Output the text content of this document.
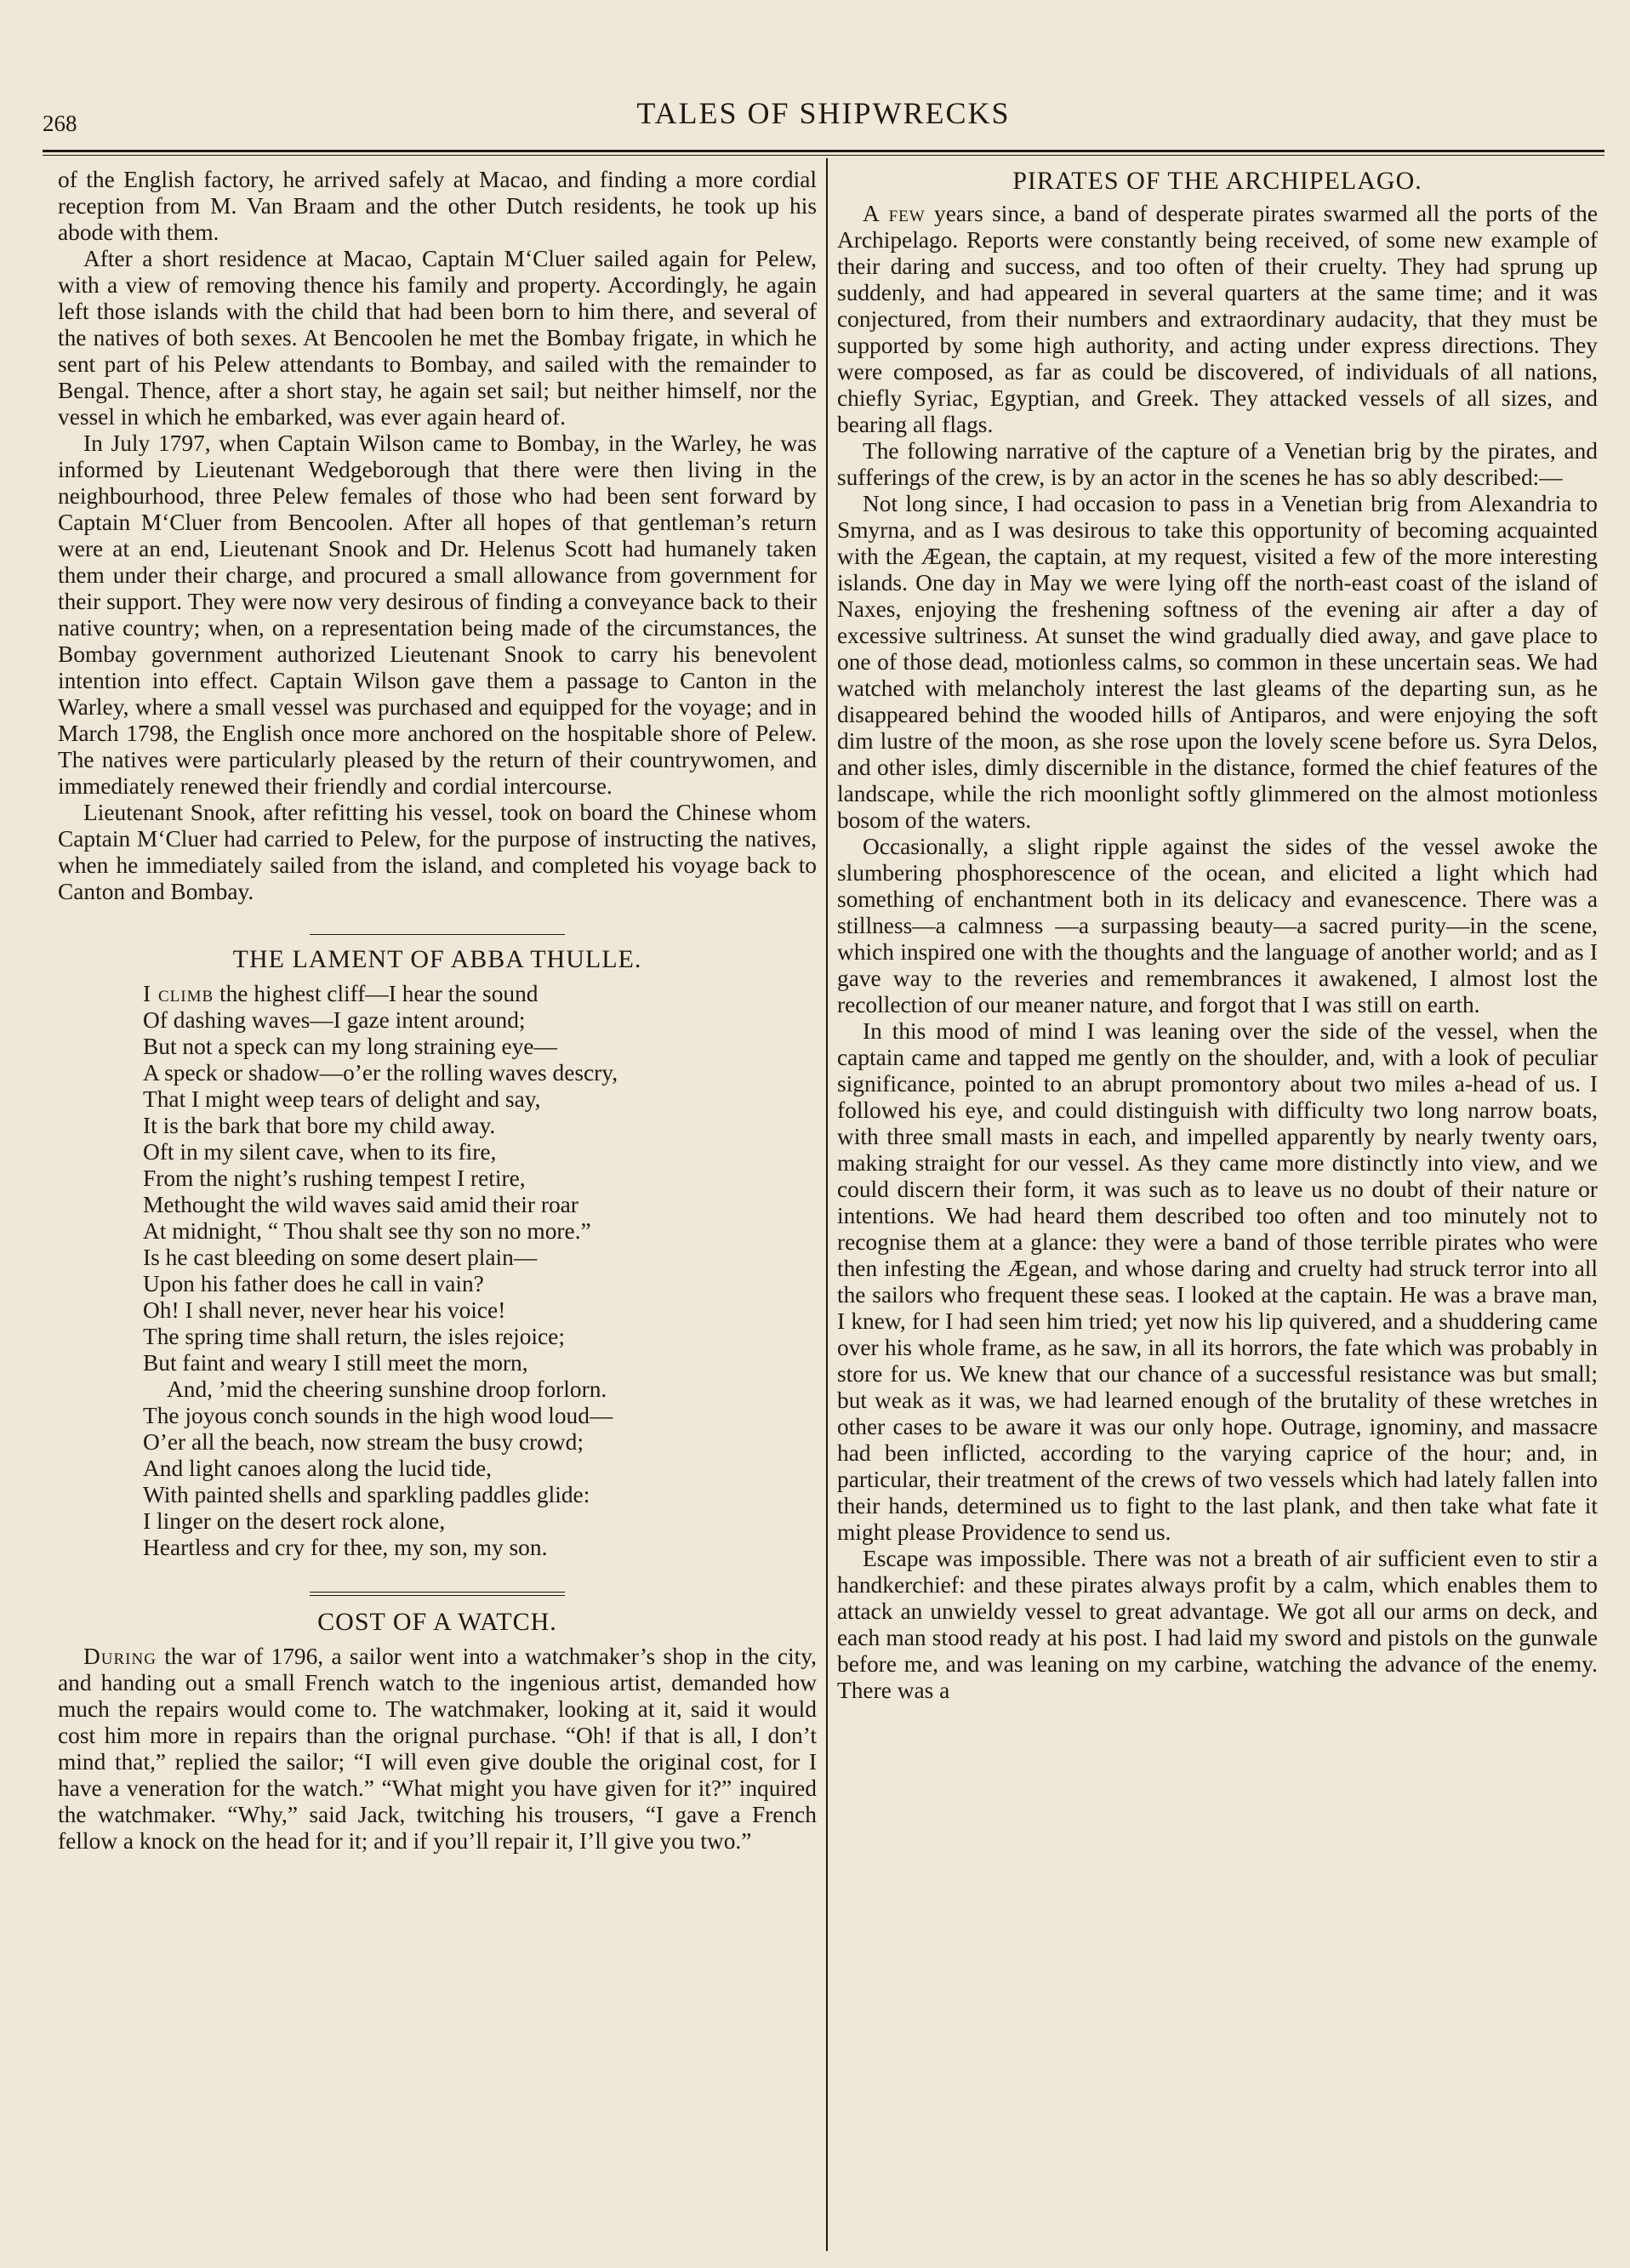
268	TALES OF SHIPWRECKS

of the English factory, he arrived safely at Macao, and finding a more cordial reception from M. Van Braam and the other Dutch residents, he took up his abode with them.

After a short residence at Macao, Captain M‘Cluer sailed again for Pelew, with a view of removing thence his family and property. Accordingly, he again left those islands with the child that had been born to him there, and several of the natives of both sexes. At Bencoolen he met the Bombay frigate, in which he sent part of his Pelew attendants to Bombay, and sailed with the remainder to Bengal. Thence, after a short stay, he again set sail; but neither himself, nor the vessel in which he embarked, was ever again heard of.

In July 1797, when Captain Wilson came to Bombay, in the Warley, he was informed by Lieutenant Wedgeborough that there were then living in the neighbourhood, three Pelew females of those who had been sent forward by Captain M‘Cluer from Bencoolen. After all hopes of that gentleman’s return were at an end, Lieutenant Snook and Dr. Helenus Scott had humanely taken them under their charge, and procured a small allowance from government for their support. They were now very desirous of finding a conveyance back to their native country; when, on a representation being made of the circumstances, the Bombay government authorized Lieutenant Snook to carry his benevolent intention into effect. Captain Wilson gave them a passage to Canton in the Warley, where a small vessel was purchased and equipped for the voyage; and in March 1798, the English once more anchored on the hospitable shore of Pelew. The natives were particularly pleased by the return of their countrywomen, and immediately renewed their friendly and cordial intercourse.

Lieutenant Snook, after refitting his vessel, took on board the Chinese whom Captain M‘Cluer had carried to Pelew, for the purpose of instructing the natives, when he immediately sailed from the island, and completed his voyage back to Canton and Bombay.

THE LAMENT OF ABBA THULLE.
I climb the highest cliff—I hear the sound
Of dashing waves—I gaze intent around;
But not a speck can my long straining eye—
A speck or shadow—o’er the rolling waves descry,
That I might weep tears of delight and say,
It is the bark that bore my child away.
Oft in my silent cave, when to its fire,
From the night’s rushing tempest I retire,
Methought the wild waves said amid their roar
At midnight, “ Thou shalt see thy son no more.”
Is he cast bleeding on some desert plain—
Upon his father does he call in vain?
Oh! I shall never, never hear his voice!
The spring time shall return, the isles rejoice;
But faint and weary I still meet the morn,
And, ’mid the cheering sunshine droop forlorn.
The joyous conch sounds in the high wood loud—
O’er all the beach, now stream the busy crowd;
And light canoes along the lucid tide,
With painted shells and sparkling paddles glide:
I linger on the desert rock alone,
Heartless and cry for thee, my son, my son.
COST OF A WATCH.

During the war of 1796, a sailor went into a watchmaker’s shop in the city, and handing out a small French watch to the ingenious artist, demanded how much the repairs would come to. The watchmaker, looking at it, said it would cost him more in repairs than the orignal purchase. “Oh! if that is all, I don’t mind that,” replied the sailor; “I will even give double the original cost, for I have a veneration for the watch.” “What might you have given for it?” inquired the watchmaker. “Why,” said Jack, twitching his trousers, “I gave a French fellow a knock on the head for it; and if you’ll repair it, I’ll give you two.”

PIRATES OF THE ARCHIPELAGO.

A few years since, a band of desperate pirates swarmed all the ports of the Archipelago. Reports were constantly being received, of some new example of their daring and success, and too often of their cruelty. They had sprung up suddenly, and had appeared in several quarters at the same time; and it was conjectured, from their numbers and extraordinary audacity, that they must be supported by some high authority, and acting under express directions. They were composed, as far as could be discovered, of individuals of all nations, chiefly Syriac, Egyptian, and Greek. They attacked vessels of all sizes, and bearing all flags.

The following narrative of the capture of a Venetian brig by the pirates, and sufferings of the crew, is by an actor in the scenes he has so ably described:—

Not long since, I had occasion to pass in a Venetian brig from Alexandria to Smyrna, and as I was desirous to take this opportunity of becoming acquainted with the Ægean, the captain, at my request, visited a few of the more interesting islands. One day in May we were lying off the north-east coast of the island of Naxes, enjoying the freshening softness of the evening air after a day of excessive sultriness. At sunset the wind gradually died away, and gave place to one of those dead, motionless calms, so common in these uncertain seas. We had watched with melancholy interest the last gleams of the departing sun, as he disappeared behind the wooded hills of Antiparos, and were enjoying the soft dim lustre of the moon, as she rose upon the lovely scene before us. Syra Delos, and other isles, dimly discernible in the distance, formed the chief features of the landscape, while the rich moonlight softly glimmered on the almost motionless bosom of the waters.

Occasionally, a slight ripple against the sides of the vessel awoke the slumbering phosphorescence of the ocean, and elicited a light which had something of enchantment both in its delicacy and evanescence. There was a stillness—a calmness —a surpassing beauty—a sacred purity—in the scene, which inspired one with the thoughts and the language of another world; and as I gave way to the reveries and remembrances it awakened, I almost lost the recollection of our meaner nature, and forgot that I was still on earth.

In this mood of mind I was leaning over the side of the vessel, when the captain came and tapped me gently on the shoulder, and, with a look of peculiar significance, pointed to an abrupt promontory about two miles a-head of us. I followed his eye, and could distinguish with difficulty two long narrow boats, with three small masts in each, and impelled apparently by nearly twenty oars, making straight for our vessel. As they came more distinctly into view, and we could discern their form, it was such as to leave us no doubt of their nature or intentions. We had heard them described too often and too minutely not to recognise them at a glance: they were a band of those terrible pirates who were then infesting the Ægean, and whose daring and cruelty had struck terror into all the sailors who frequent these seas. I looked at the captain. He was a brave man, I knew, for I had seen him tried; yet now his lip quivered, and a shuddering came over his whole frame, as he saw, in all its horrors, the fate which was probably in store for us. We knew that our chance of a successful resistance was but small; but weak as it was, we had learned enough of the brutality of these wretches in other cases to be aware it was our only hope. Outrage, ignominy, and massacre had been inflicted, according to the varying caprice of the hour; and, in particular, their treatment of the crews of two vessels which had lately fallen into their hands, determined us to fight to the last plank, and then take what fate it might please Providence to send us.

Escape was impossible. There was not a breath of air sufficient even to stir a handkerchief: and these pirates always profit by a calm, which enables them to attack an unwieldy vessel to great advantage. We got all our arms on deck, and each man stood ready at his post. I had laid my sword and pistols on the gunwale before me, and was leaning on my carbine, watching the advance of the enemy. There was a
